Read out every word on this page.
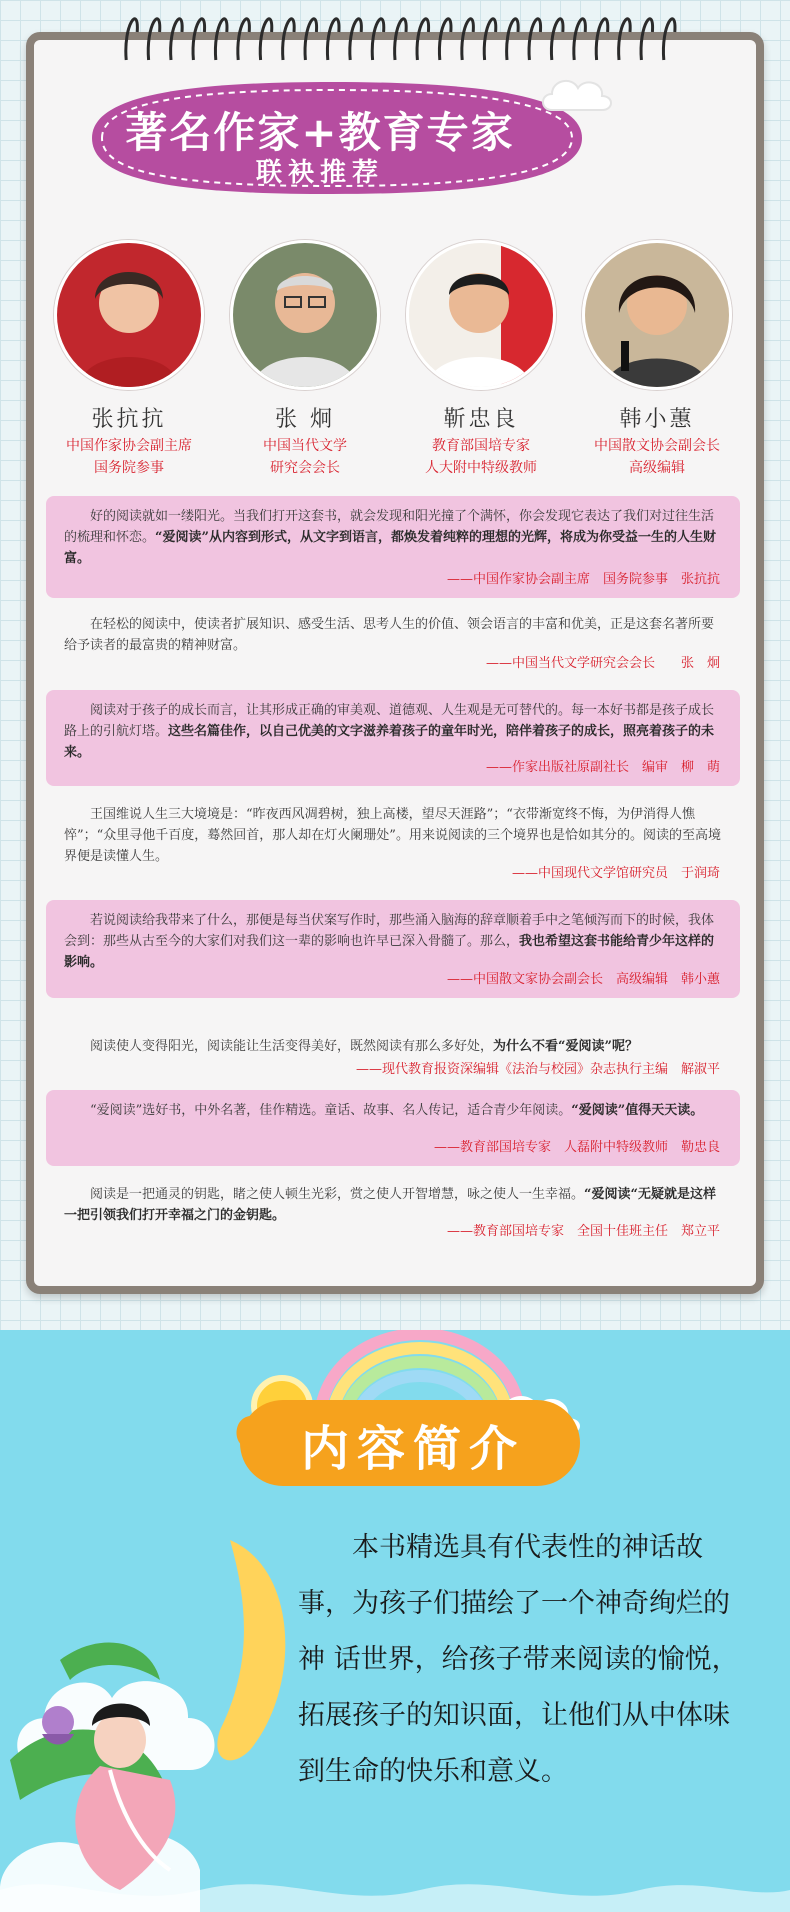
著名作家+教育专家
联袂推荐
张抗抗
中国作家协会副主席
国务院参事
张 炯
中国当代文学
研究会会长
靳忠良
教育部国培专家
人大附中特级教师
韩小蕙
中国散文协会副会长
高级编辑

好的阅读就如一缕阳光。当我们打开这套书，就会发现和阳光撞了个满怀，你会发现它表达了我们对过往生活的梳理和怀恋。“爱阅读”从内容到形式，从文字到语言，都焕发着纯粹的理想的光辉，将成为你受益一生的人生财富。

——中国作家协会副主席　国务院参事　张抗抗

在轻松的阅读中，使读者扩展知识、感受生活、思考人生的价值、领会语言的丰富和优美，正是这套名著所要给予读者的最富贵的精神财富。

——中国当代文学研究会会长　　张　炯

阅读对于孩子的成长而言，让其形成正确的审美观、道德观、人生观是无可替代的。每一本好书都是孩子成长路上的引航灯塔。这些名篇佳作，以自己优美的文字滋养着孩子的童年时光，陪伴着孩子的成长，照亮着孩子的未来。

——作家出版社原副社长　编审　柳　萌

王国维说人生三大境境是：“昨夜西风凋碧树，独上高楼，望尽天涯路”；“衣带渐宽终不悔，为伊消得人憔悴”；“众里寻他千百度，蓦然回首，那人却在灯火阑珊处”。用来说阅读的三个境界也是恰如其分的。阅读的至高境界便是读懂人生。

——中国现代文学馆研究员　于润琦

若说阅读给我带来了什么，那便是每当伏案写作时，那些涌入脑海的辞章顺着手中之笔倾泻而下的时候，我体会到：那些从古至今的大家们对我们这一辈的影响也许早已深入骨髓了。那么，我也希望这套书能给青少年这样的影响。

——中国散文家协会副会长　高级编辑　韩小蕙

阅读使人变得阳光，阅读能让生活变得美好，既然阅读有那么多好处，为什么不看“爱阅读”呢？

——现代教育报资深编辑《法治与校园》杂志执行主编　解淑平

“爱阅读”选好书，中外名著，佳作精选。童话、故事、名人传记，适合青少年阅读。“爱阅读”值得天天读。

——教育部国培专家　人磊附中特级教师　勒忠良

阅读是一把通灵的钥匙，睹之使人顿生光彩，赏之使人开智增慧，咏之使人一生幸福。“爱阅读“无疑就是这样一把引领我们打开幸福之门的金钥匙。

——教育部国培专家　全国十佳班主任　郑立平
内容简介

本书精选具有代表性的神话故事，为孩子们描绘了一个神奇绚烂的神 话世界，给孩子带来阅读的愉悦，拓展孩子的知识面，让他们从中体味到生命的快乐和意义。
